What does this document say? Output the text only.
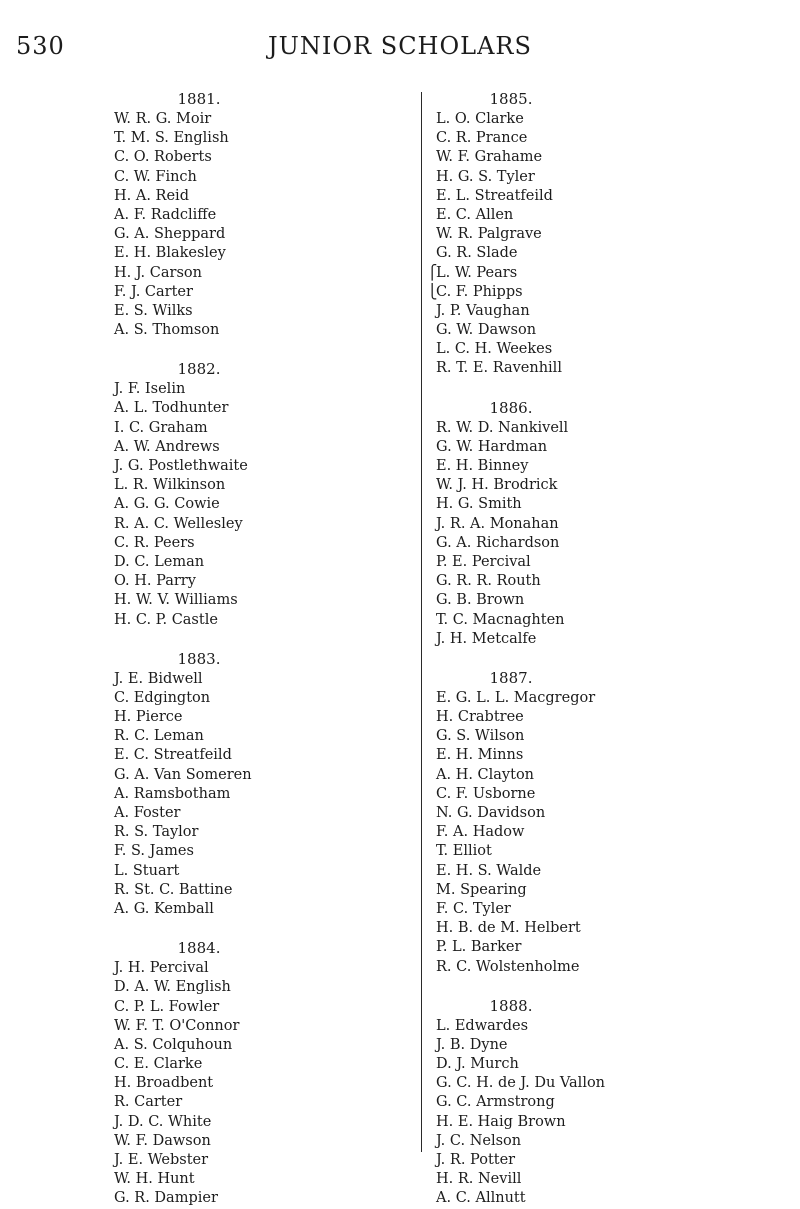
530	JUNIOR SCHOLARS
1881.
W. R. G. Moir
T. M. S. English
C. O. Roberts
C. W. Finch
H. A. Reid
A. F. Radcliffe
G. A. Sheppard
E. H. Blakesley
H. J. Carson
F. J. Carter
E. S. Wilks
A. S. Thomson
1882.
J. F. Iselin
A. L. Todhunter
I. C. Graham
A. W. Andrews
J. G. Postlethwaite
L. R. Wilkinson
A. G. G. Cowie
R. A. C. Wellesley
C. R. Peers
D. C. Leman
O. H. Parry
H. W. V. Williams
H. C. P. Castle
1883.
J. E. Bidwell
C. Edgington
H. Pierce
R. C. Leman
E. C. Streatfeild
G. A. Van Someren
A. Ramsbotham
A. Foster
R. S. Taylor
F. S. James
L. Stuart
R. St. C. Battine
A. G. Kemball
1884.
J. H. Percival
D. A. W. English
C. P. L. Fowler
W. F. T. O'Connor
A. S. Colquhoun
C. E. Clarke
H. Broadbent
R. Carter
J. D. C. White
W. F. Dawson
J. E. Webster
W. H. Hunt
G. R. Dampier
1885.
L. O. Clarke
C. R. Prance
W. F. Grahame
H. G. S. Tyler
E. L. Streatfeild
E. C. Allen
W. R. Palgrave
G. R. Slade
⎧
L. W. Pears
⎩
C. F. Phipps
J. P. Vaughan
G. W. Dawson
L. C. H. Weekes
R. T. E. Ravenhill
1886.
R. W. D. Nankivell
G. W. Hardman
E. H. Binney
W. J. H. Brodrick
H. G. Smith
J. R. A. Monahan
G. A. Richardson
P. E. Percival
G. R. R. Routh
G. B. Brown
T. C. Macnaghten
J. H. Metcalfe
1887.
E. G. L. L. Macgregor
H. Crabtree
G. S. Wilson
E. H. Minns
A. H. Clayton
C. F. Usborne
N. G. Davidson
F. A. Hadow
T. Elliot
E. H. S. Walde
M. Spearing
F. C. Tyler
H. B. de M. Helbert
P. L. Barker
R. C. Wolstenholme
1888.
L. Edwardes
J. B. Dyne
D. J. Murch
G. C. H. de J. Du Vallon
G. C. Armstrong
H. E. Haig Brown
J. C. Nelson
J. R. Potter
H. R. Nevill
A. C. Allnutt
